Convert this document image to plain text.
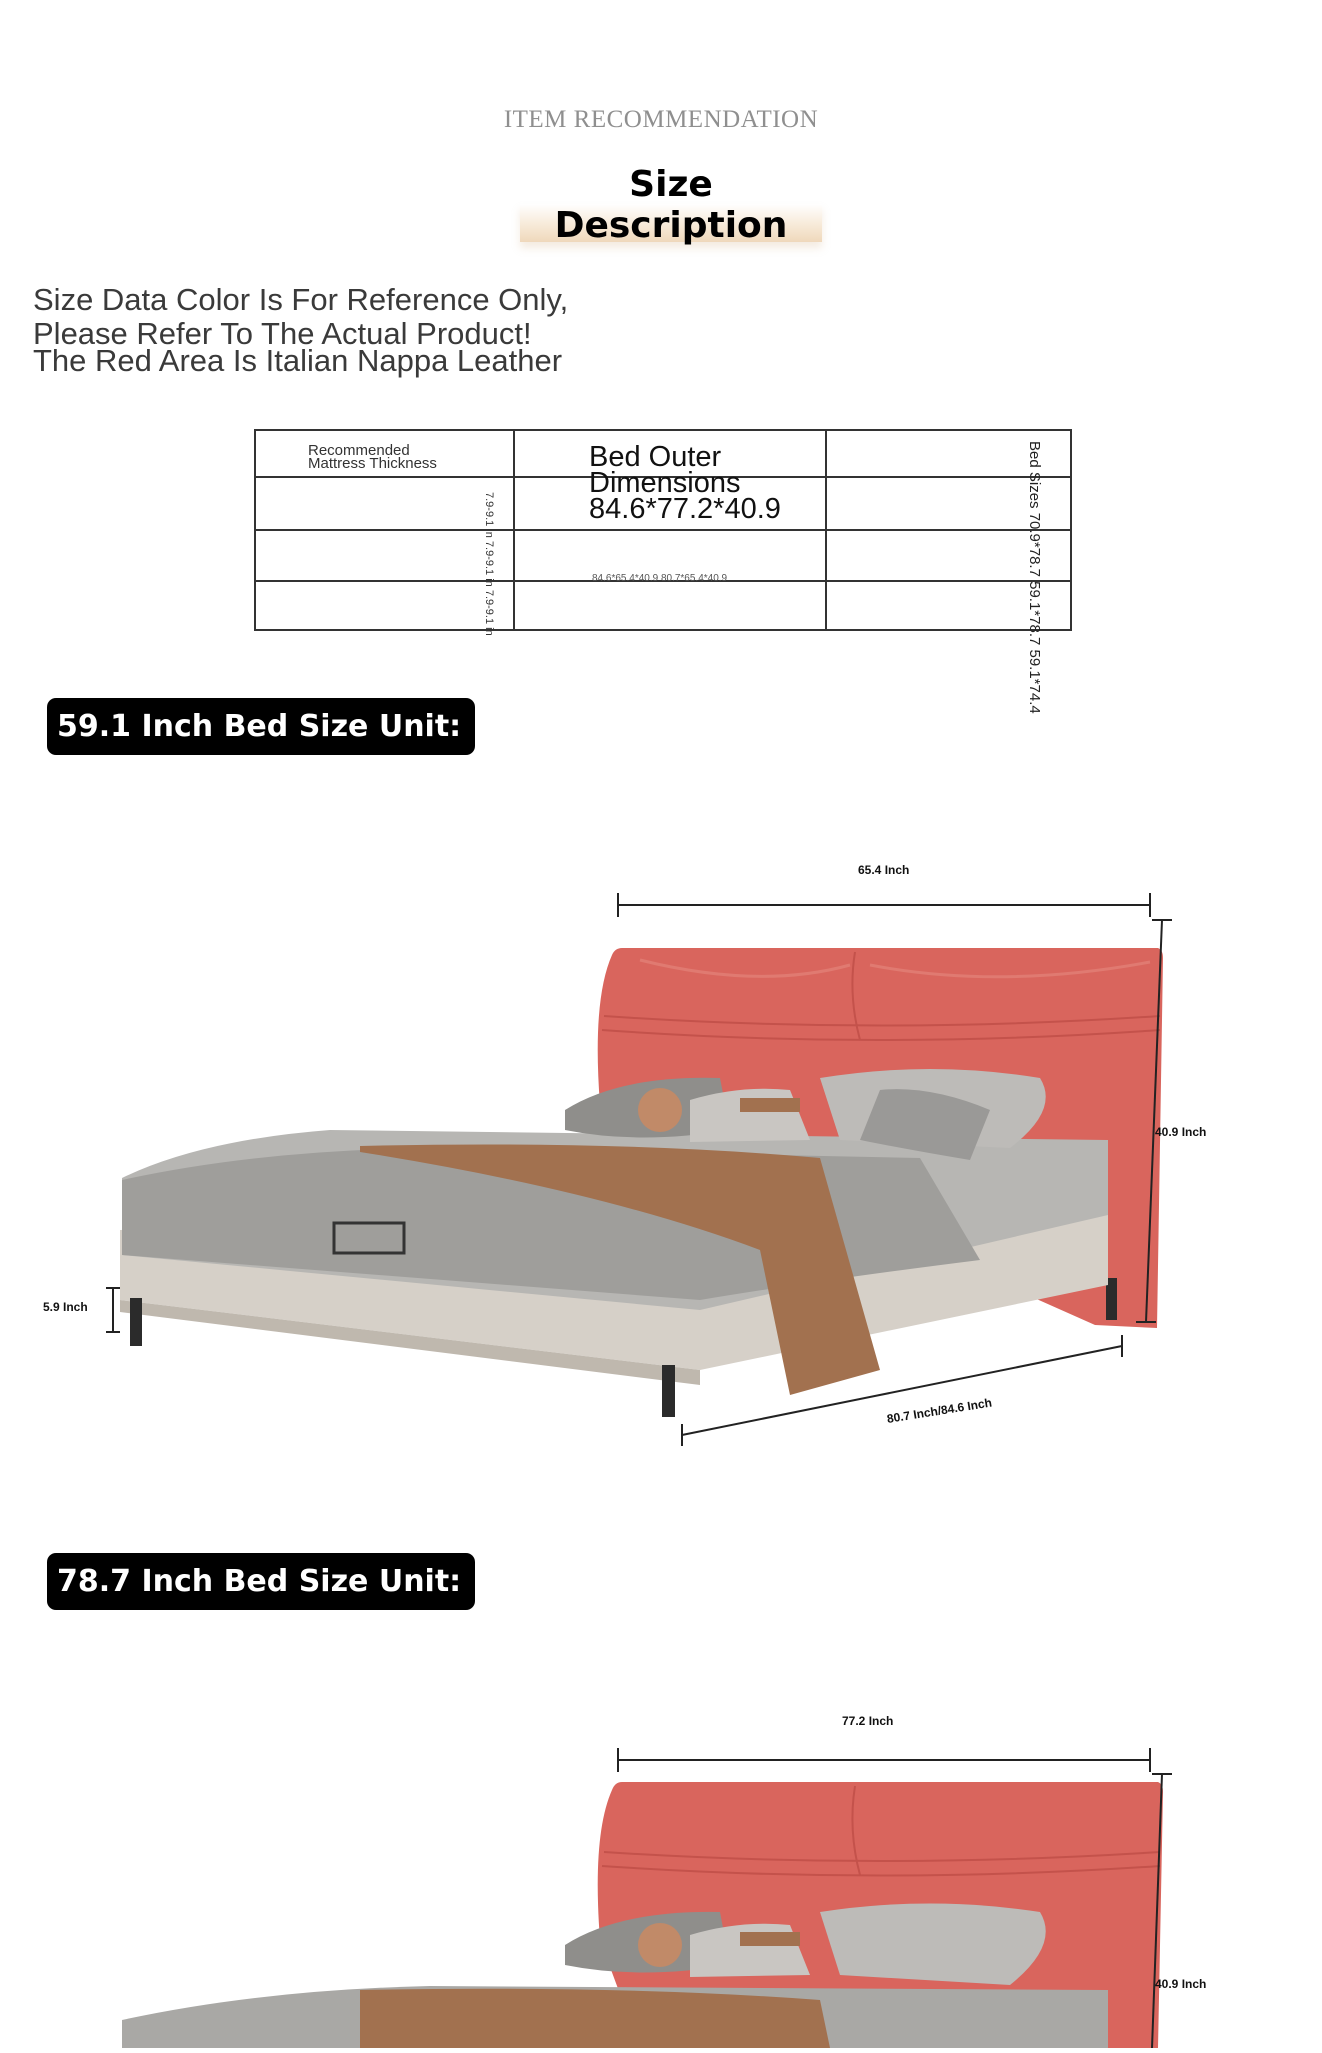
ITEM RECOMMENDATION
Size Description
Size Data Color Is For Reference Only,
Please Refer To The Actual Product!
The Red Area Is Italian Nappa Leather
Recommended
Mattress Thickness
7.9-9.1 in 7.9-9.1 in 7.9-9.1 in
Bed Outer
Dimensions
84.6*77.2*40.9
84.6*65.4*40.9 80.7*65.4*40.9	Bed Sizes 70.9*78.7 59.1*78.7 59.1*74.4
59.1 Inch Bed Size Unit: CM
65.4 Inch
40.9 Inch
5.9 Inch
80.7 Inch/84.6 Inch
78.7 Inch Bed Size Unit: CM
77.2 Inch
40.9 Inch
